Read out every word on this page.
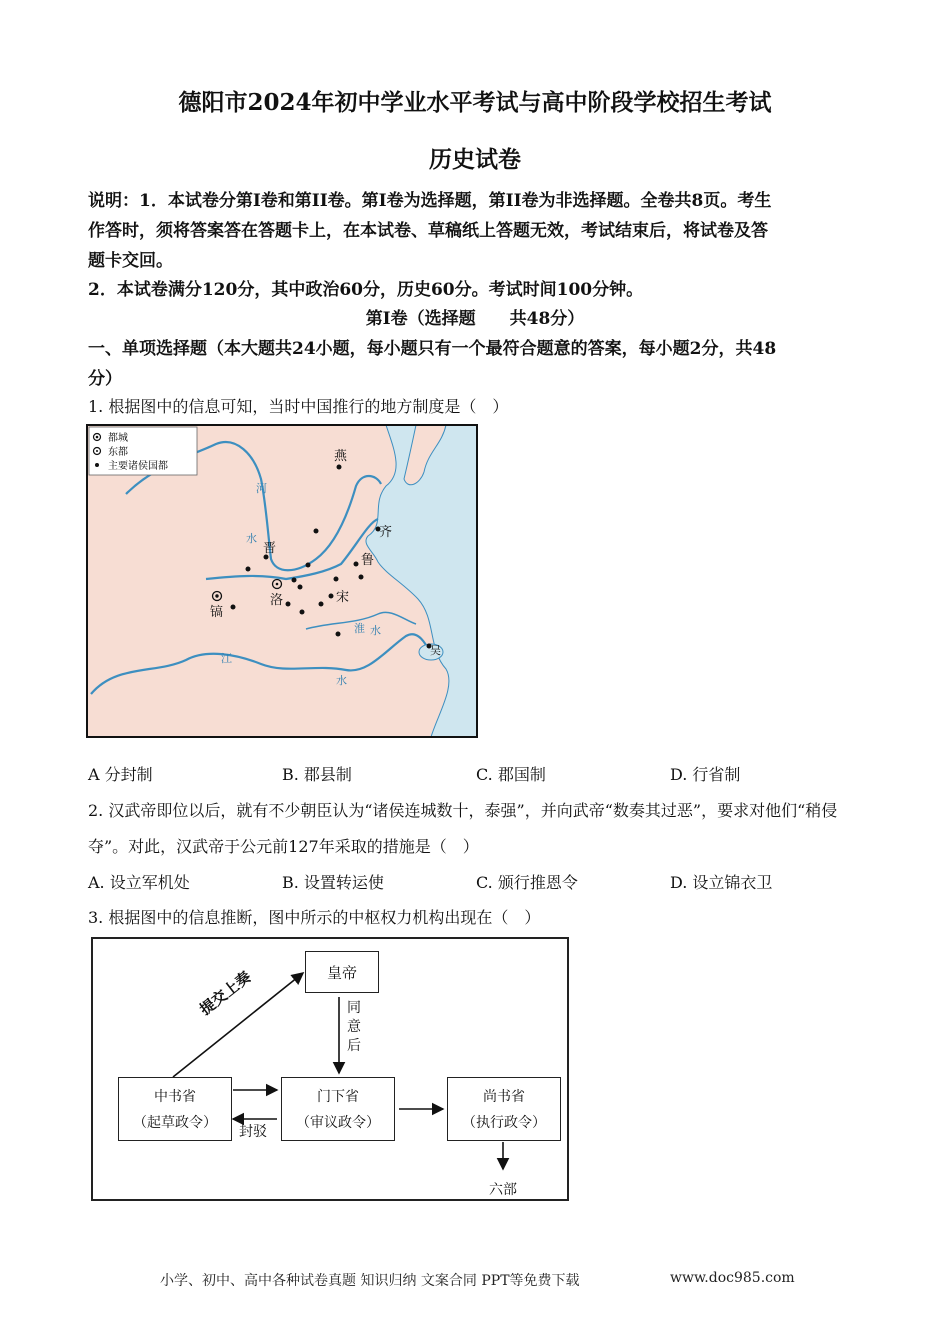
德阳市2024年初中学业水平考试与高中阶段学校招生考试
历史试卷
说明：1．本试卷分第Ⅰ卷和第II卷。第Ⅰ卷为选择题，第II卷为非选择题。全卷共8页。考生
作答时，须将答案答在答题卡上，在本试卷、草稿纸上答题无效，考试结束后，将试卷及答
题卡交回。
2．本试卷满分120分，其中政治60分，历史60分。考试时间100分钟。
第Ⅰ卷（选择题　　共48分）
一、单项选择题（本大题共24小题，每小题只有一个最符合题意的答案，每小题2分，共48
分）
1. 根据图中的信息可知，当时中国推行的地方制度是（　）
都城
东都
主要诸侯国都
燕
齐
晋
鲁
宋
洛
镐
吴
河
水
江
水
淮 水
A 分封制	B. 郡县制	C. 郡国制	D. 行省制
2. 汉武帝即位以后，就有不少朝臣认为“诸侯连城数十，泰强”，并向武帝“数奏其过恶”，要求对他们“稍侵
夺”。对此，汉武帝于公元前127年采取的措施是（　）
A. 设立军机处	B. 设置转运使	C. 颁行推恩令	D. 设立锦衣卫
3. 根据图中的信息推断，图中所示的中枢权力机构出现在（　）
皇帝
中书省
（起草政令）
门下省
（审议政令）
尚书省
（执行政令）
提交上奏	同
意
后
封驳
六部
小学、初中、高中各种试卷真题 知识归纳 文案合同 PPT等免费下载	www.doc985.com
